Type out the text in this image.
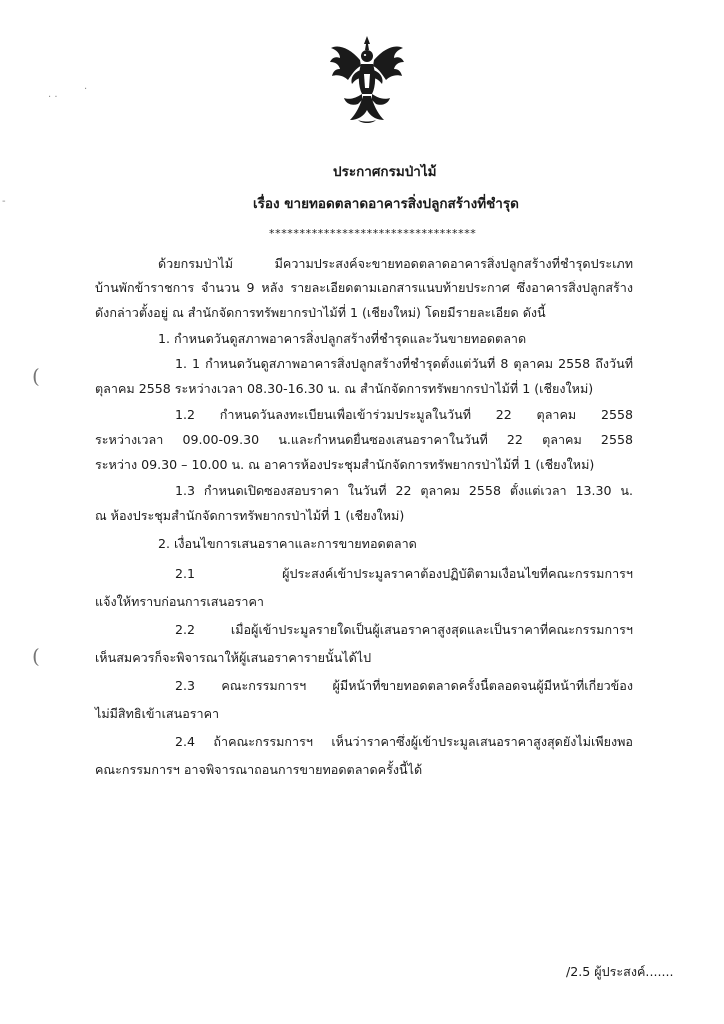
· ·
·
-
(
(
ประกาศกรมป่าไม้
เรื่อง ขายทอดตลาดอาคารสิ่งปลูกสร้างที่ชำรุด
**********************************
ด้วยกรมป่าไม้ มีความประสงค์จะขายทอดตลาดอาคารสิ่งปลูกสร้างที่ชำรุดประเภท
บ้านพักข้าราชการ จำนวน 9 หลัง รายละเอียดตามเอกสารแนบท้ายประกาศ ซึ่งอาคารสิ่งปลูกสร้าง
ดังกล่าวตั้งอยู่ ณ สำนักจัดการทรัพยากรป่าไม้ที่ 1 (เชียงใหม่) โดยมีรายละเอียด ดังนี้
1. กำหนดวันดูสภาพอาคารสิ่งปลูกสร้างที่ชำรุดและวันขายทอดตลาด
1. 1 กำหนดวันดูสภาพอาคารสิ่งปลูกสร้างที่ชำรุดตั้งแต่วันที่ 8 ตุลาคม 2558 ถึงวันที่
ตุลาคม 2558 ระหว่างเวลา 08.30-16.30 น. ณ สำนักจัดการทรัพยากรป่าไม้ที่ 1 (เชียงใหม่)
1.2 กำหนดวันลงทะเบียนเพื่อเข้าร่วมประมูลในวันที่ 22 ตุลาคม 2558
ระหว่างเวลา 09.00-09.30 น.และกำหนดยื่นซองเสนอราคาในวันที่ 22 ตุลาคม 2558
ระหว่าง 09.30 – 10.00 น. ณ อาคารห้องประชุมสำนักจัดการทรัพยากรป่าไม้ที่ 1 (เชียงใหม่)
1.3 กำหนดเปิดซองสอบราคา ในวันที่ 22 ตุลาคม 2558 ตั้งแต่เวลา 13.30 น.
ณ ห้องประชุมสำนักจัดการทรัพยากรป่าไม้ที่ 1 (เชียงใหม่)
2. เงื่อนไขการเสนอราคาและการขายทอดตลาด
2.1 ผู้ประสงค์เข้าประมูลราคาต้องปฏิบัติตามเงื่อนไขที่คณะกรรมการฯ
แจ้งให้ทราบก่อนการเสนอราคา
2.2 เมื่อผู้เข้าประมูลรายใดเป็นผู้เสนอราคาสูงสุดและเป็นราคาที่คณะกรรมการฯ
เห็นสมควรก็จะพิจารณาให้ผู้เสนอราคารายนั้นได้ไป
2.3 คณะกรรมการฯ ผู้มีหน้าที่ขายทอดตลาดครั้งนี้ตลอดจนผู้มีหน้าที่เกี่ยวข้อง
ไม่มีสิทธิเข้าเสนอราคา
2.4 ถ้าคณะกรรมการฯ เห็นว่าราคาซึ่งผู้เข้าประมูลเสนอราคาสูงสุดยังไม่เพียงพอ
คณะกรรมการฯ อาจพิจารณาถอนการขายทอดตลาดครั้งนี้ได้
/2.5 ผู้ประสงค์.......
